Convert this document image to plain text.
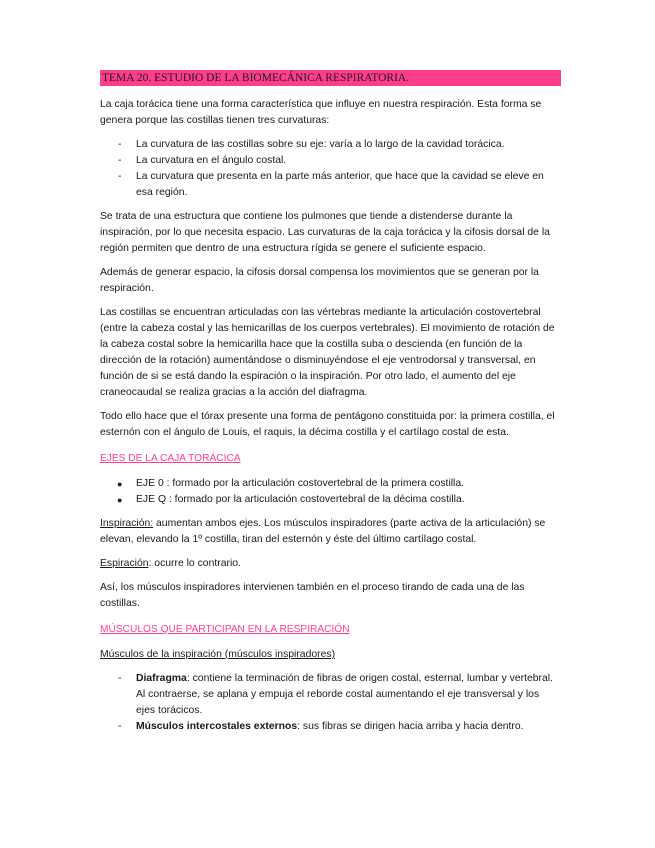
TEMA 20. ESTUDIO DE LA BIOMECÁNICA RESPIRATORIA.

La caja torácica tiene una forma característica que influye en nuestra respiración. Esta forma se genera porque las costillas tienen tres curvaturas:

- La curvatura de las costillas sobre su eje: varía a lo largo de la cavidad torácica.
- La curvatura en el ángulo costal.
- La curvatura que presenta en la parte más anterior, que hace que la cavidad se eleve en esa región.

Se trata de una estructura que contiene los pulmones que tiende a distenderse durante la inspiración, por lo que necesita espacio. Las curvaturas de la caja torácica y la cifosis dorsal de la región permiten que dentro de una estructura rígida se genere el suficiente espacio.

Además de generar espacio, la cifosis dorsal compensa los movimientos que se generan por la respiración.

Las costillas se encuentran articuladas con las vértebras mediante la articulación costovertebral (entre la cabeza costal y las hemicarillas de los cuerpos vertebrales). El movimiento de rotación de la cabeza costal sobre la hemicarilla hace que la costilla suba o descienda (en función de la dirección de la rotación) aumentándose o disminuyéndose el eje ventrodorsal y transversal, en función de si se está dando la espiración o la inspiración. Por otro lado, el aumento del eje craneocaudal se realiza gracias a la acción del diafragma.

Todo ello hace que el tórax presente una forma de pentágono constituida por: la primera costilla, el esternón con el ángulo de Louis, el raquis, la décima costilla y el cartílago costal de esta.

EJES DE LA CAJA TORÁCICA
● EJE 0 : formado por la articulación costovertebral de la primera costilla.
● EJE Q : formado por la articulación costovertebral de la décima costilla.

Inspiración: aumentan ambos ejes. Los músculos inspiradores (parte activa de la articulación) se elevan, elevando la 1º costilla, tiran del esternón y éste del último cartílago costal.

Espiración: ocurre lo contrario.

Así, los músculos inspiradores intervienen también en el proceso tirando de cada una de las costillas.

MÚSCULOS QUE PARTICIPAN EN LA RESPIRACIÓN

Músculos de la inspiración (músculos inspiradores)

- Diafragma: contiene la terminación de fibras de origen costal, esternal, lumbar y vertebral. Al contraerse, se aplana y empuja el reborde costal aumentando el eje transversal y los ejes torácicos.
- Músculos intercostales externos: sus fibras se dirigen hacia arriba y hacia dentro.
